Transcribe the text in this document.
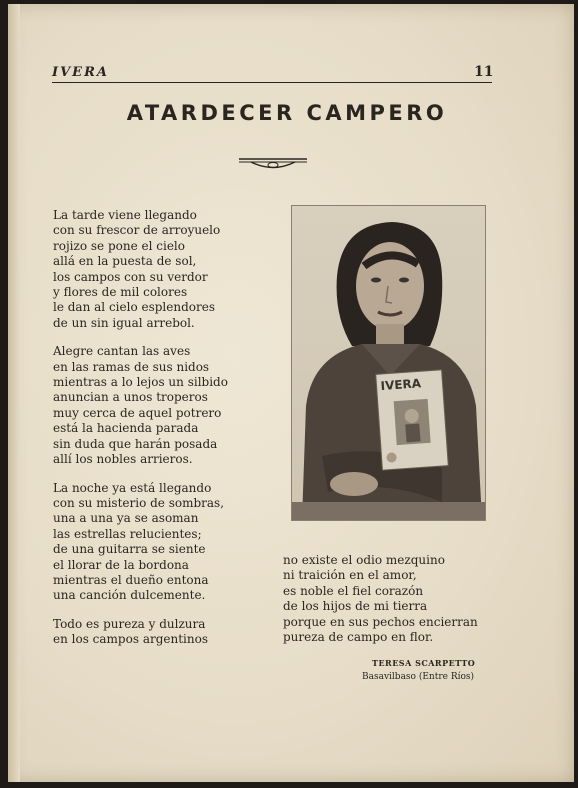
IVERA	11
ATARDECER CAMPERO

La tarde viene llegando
con su frescor de arroyuelo
rojizo se pone el cielo
allá en la puesta de sol,
los campos con su verdor
y flores de mil colores
le dan al cielo esplendores
de un sin igual arrebol.

Alegre cantan las aves
en las ramas de sus nidos
mientras a lo lejos un silbido
anuncian a unos troperos
muy cerca de aquel potrero
está la hacienda parada
sin duda que harán posada
allí los nobles arrieros.

La noche ya está llegando
con su misterio de sombras,
una a una ya se asoman
las estrellas relucientes;
de una guitarra se siente
el llorar de la bordona
mientras el dueño entona
una canción dulcemente.

Todo es pureza y dulzura
en los campos argentinos

IVERA

no existe el odio mezquino
ni traición en el amor,
es noble el fiel corazón
de los hijos de mi tierra
porque en sus pechos encierran
pureza de campo en flor.

TERESA SCARPETTO
Basavilbaso (Entre Ríos)
